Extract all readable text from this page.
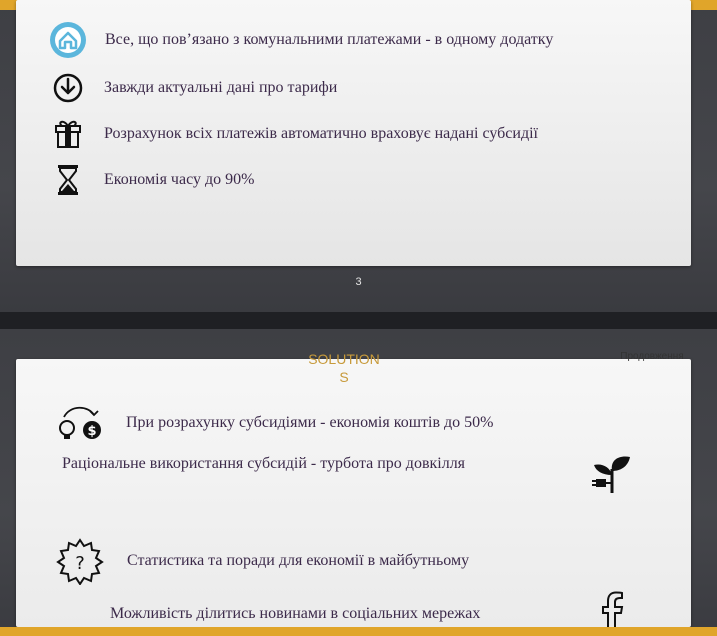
Все, що пов’язано з комунальними платежами - в одному додатку
Завжди актуальні дані про тарифи
Розрахунок всіх платежів автоматично враховує надані субсидії
Економія часу до 90%
3
$
При розрахунку субсидіями - економія коштів до 50%
Раціональне використання субсидій - турбота про довкілля
?	Статистика та поради для економії в майбутньому
Можливість ділитись новинами в соціальних мережах
SOLUTION
S
Продовження
